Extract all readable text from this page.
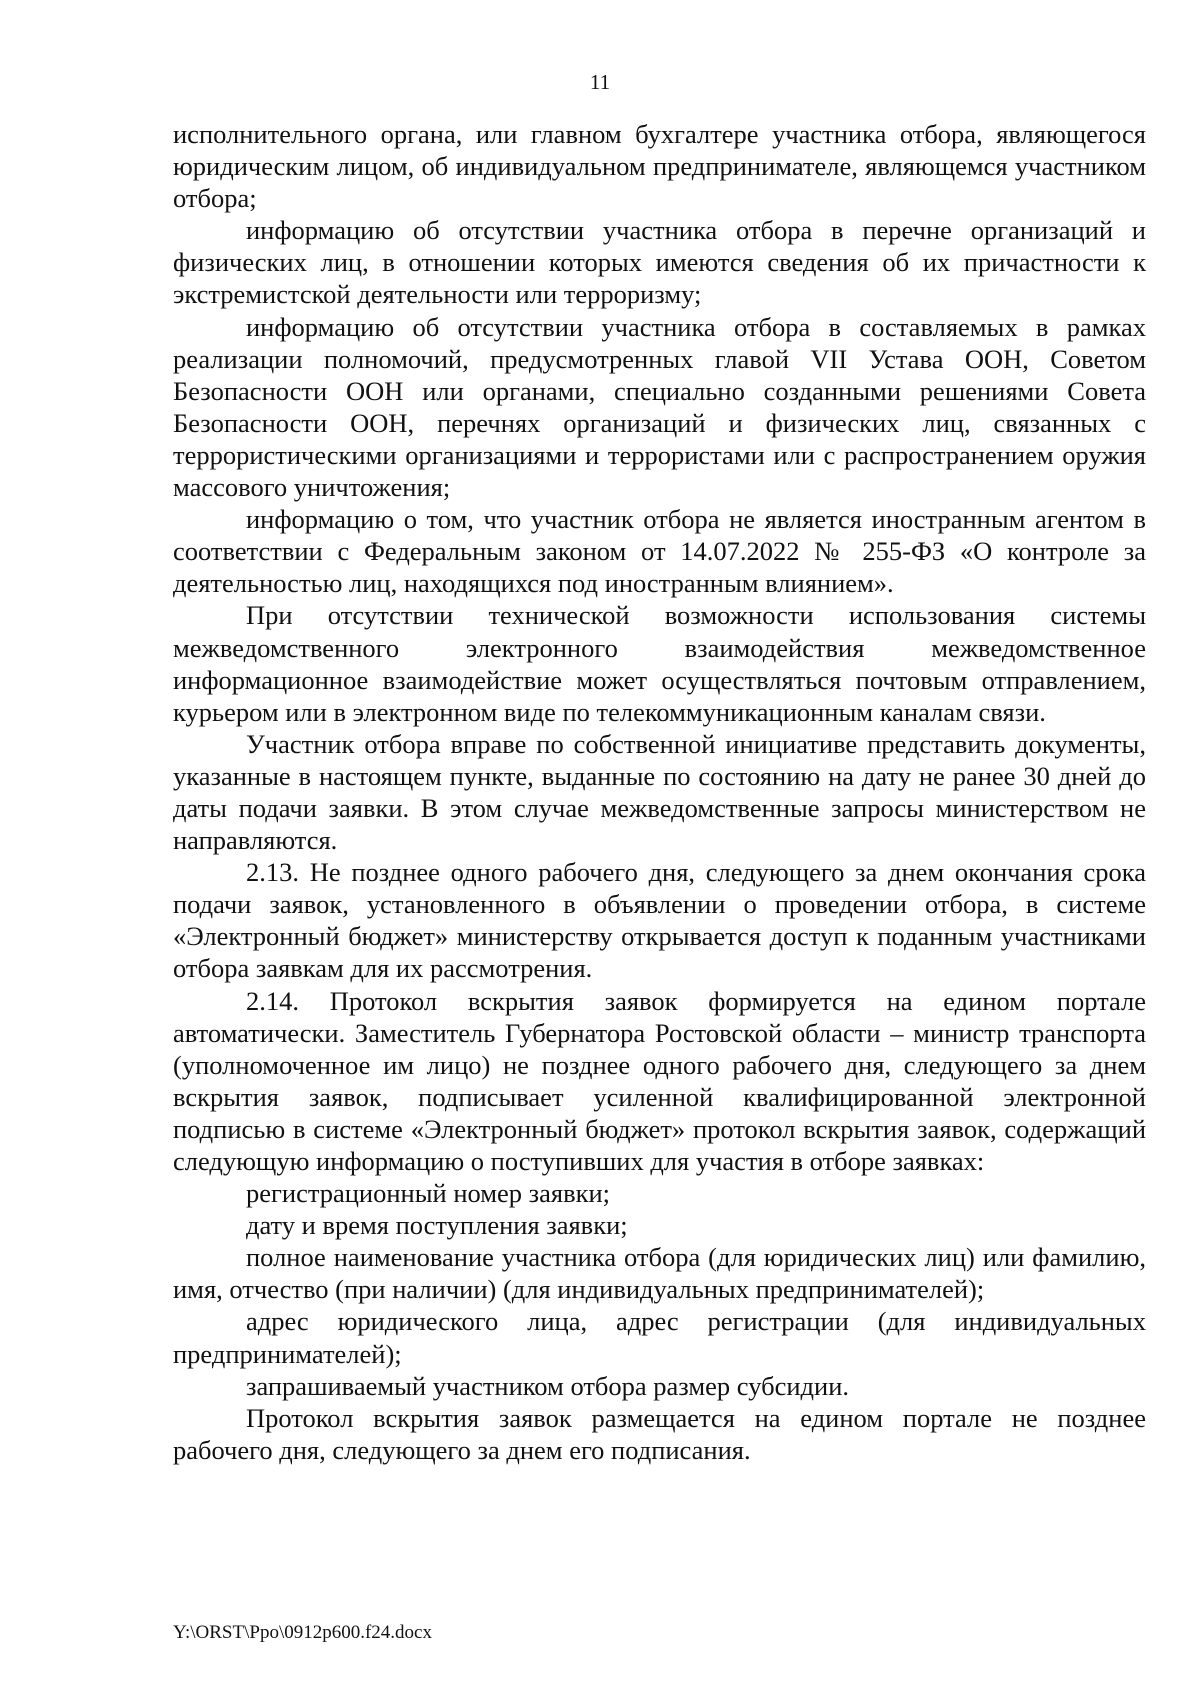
11

исполнительного органа, или главном бухгалтере участника отбора, являющегося юридическим лицом, об индивидуальном предпринимателе, являющемся участником отбора;

информацию об отсутствии участника отбора в перечне организаций и физических лиц, в отношении которых имеются сведения об их причастности к экстремистской деятельности или терроризму;

информацию об отсутствии участника отбора в составляемых в рамках реализации полномочий, предусмотренных главой VII Устава ООН, Советом Безопасности ООН или органами, специально созданными решениями Совета Безопасности ООН, перечнях организаций и физических лиц, связанных с террористическими организациями и террористами или с распространением оружия массового уничтожения;

информацию о том, что участник отбора не является иностранным агентом в соответствии с Федеральным законом от 14.07.2022 № 255-ФЗ «О контроле за деятельностью лиц, находящихся под иностранным влиянием».

При отсутствии технической возможности использования системы межведомственного электронного взаимодействия межведомственное информационное взаимодействие может осуществляться почтовым отправлением, курьером или в электронном виде по телекоммуникационным каналам связи.

Участник отбора вправе по собственной инициативе представить документы, указанные в настоящем пункте, выданные по состоянию на дату не ранее 30 дней до даты подачи заявки. В этом случае межведомственные запросы министерством не направляются.

2.13. Не позднее одного рабочего дня, следующего за днем окончания срока подачи заявок, установленного в объявлении о проведении отбора, в системе «Электронный бюджет» министерству открывается доступ к поданным участниками отбора заявкам для их рассмотрения.

2.14. Протокол вскрытия заявок формируется на едином портале автоматически. Заместитель Губернатора Ростовской области – министр транспорта (уполномоченное им лицо) не позднее одного рабочего дня, следующего за днем вскрытия заявок, подписывает усиленной квалифицированной электронной подписью в системе «Электронный бюджет» протокол вскрытия заявок, содержащий следующую информацию о поступивших для участия в отборе заявках:

регистрационный номер заявки;

дату и время поступления заявки;

полное наименование участника отбора (для юридических лиц) или фамилию, имя, отчество (при наличии) (для индивидуальных предпринимателей);

адрес юридического лица, адрес регистрации (для индивидуальных предпринимателей);

запрашиваемый участником отбора размер субсидии.

Протокол вскрытия заявок размещается на едином портале не позднее рабочего дня, следующего за днем его подписания.

Y:\ORST\Ppo\0912p600.f24.docx
